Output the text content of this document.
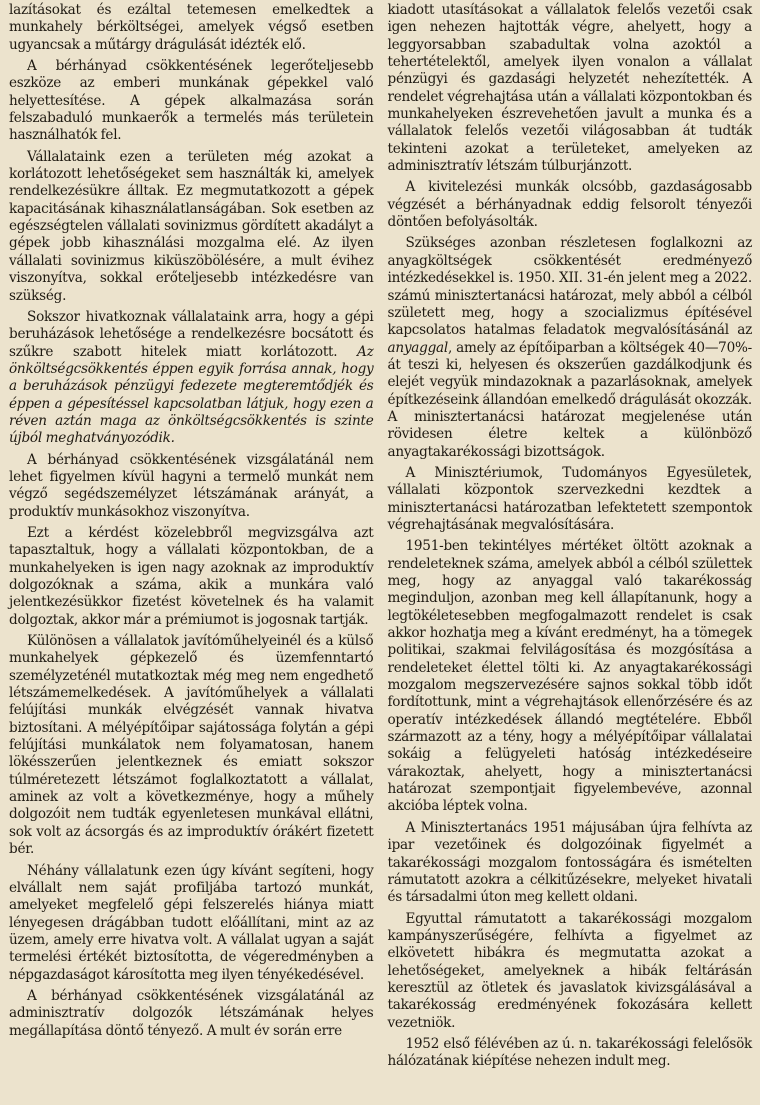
lazításokat és ezáltal tetemesen emelkedtek a munkahely bérköltségei, amelyek végső esetben ugyancsak a műtárgy drágulását idézték elő.

A bérhányad csökkentésének legerőteljesebb eszköze az emberi munkának gépekkel való helyettesítése. A gépek alkalmazása során felszabaduló munkaerők a termelés más területein használhatók fel.

Vállalataink ezen a területen még azokat a korlátozott lehetőségeket sem használták ki, amelyek rendelkezésükre álltak. Ez megmutatkozott a gépek kapacitásának kihasználatlanságában. Sok esetben az egészségtelen vállalati sovinizmus gördített akadályt a gépek jobb kihasználási mozgalma elé. Az ilyen vállalati sovinizmus kiküszöbölésére, a mult évihez viszonyítva, sokkal erőteljesebb intézkedésre van szükség.

Sokszor hivatkoznak vállalataink arra, hogy a gépi beruházások lehetősége a rendelkezésre bocsátott és szűkre szabott hitelek miatt korlátozott. Az önköltségcsökkentés éppen egyik forrása annak, hogy a beruházások pénzügyi fedezete megteremtődjék és éppen a gépesítéssel kapcsolatban látjuk, hogy ezen a réven aztán maga az önköltségcsökkentés is szinte újból meghatványozódik.

A bérhányad csökkentésének vizsgálatánál nem lehet figyelmen kívül hagyni a termelő munkát nem végző segédszemélyzet létszámának arányát, a produktív munkásokhoz viszonyítva.

Ezt a kérdést közelebbről megvizsgálva azt tapasztaltuk, hogy a vállalati központokban, de a munkahelyeken is igen nagy azoknak az improduktív dolgozóknak a száma, akik a munkára való jelentkezésükkor fizetést követelnek és ha valamit dolgoztak, akkor már a prémiumot is jogosnak tartják.

Különösen a vállalatok javítóműhelyeinél és a külső munkahelyek gépkezelő és üzemfenntartó személyzeténél mutatkoztak még meg nem engedhető létszámemelkedések. A javítóműhelyek a vállalati felújítási munkák elvégzését vannak hivatva biztosítani. A mélyépítőipar sajátossága folytán a gépi felújítási munkálatok nem folyamatosan, hanem lökésszerűen jelentkeznek és emiatt sokszor túlméretezett létszámot foglalkoztatott a vállalat, aminek az volt a következménye, hogy a műhely dolgozóit nem tudták egyenletesen munkával ellátni, sok volt az ácsorgás és az improduktív órákért fizetett bér.

Néhány vállalatunk ezen úgy kívánt segíteni, hogy elvállalt nem saját profiljába tartozó munkát, amelyeket megfelelő gépi felszerelés hiánya miatt lényegesen drágábban tudott előállítani, mint az az üzem, amely erre hivatva volt. A vállalat ugyan a saját termelési értékét biztosította, de végeredményben a népgazdaságot károsította meg ilyen tényékedésével.

A bérhányad csökkentésének vizsgálatánál az adminisztratív dolgozók létszámának helyes megállapítása döntő tényező. A mult év során erre

kiadott utasításokat a vállalatok felelős vezetői csak igen nehezen hajtották végre, ahelyett, hogy a leggyorsabban szabadultak volna azoktól a tehertételektől, amelyek ilyen vonalon a vállalat pénzügyi és gazdasági helyzetét nehezítették. A rendelet végrehajtása után a vállalati központokban és munkahelyeken észrevehetően javult a munka és a vállalatok felelős vezetői világosabban át tudták tekinteni azokat a területeket, amelyeken az adminisztratív létszám túlburjánzott.

A kivitelezési munkák olcsóbb, gazdaságosabb végzését a bérhányadnak eddig felsorolt tényezői döntően befolyásolták.

Szükséges azonban részletesen foglalkozni az anyagköltségek csökkentését eredményező intézkedésekkel is. 1950. XII. 31-én jelent meg a 2022. számú minisztertanácsi határozat, mely abból a célból született meg, hogy a szocializmus építésével kapcsolatos hatalmas feladatok megvalósításánál az anyaggal, amely az építőiparban a költségek 40—70%-át teszi ki, helyesen és okszerűen gazdálkodjunk és elejét vegyük mindazoknak a pazarlásoknak, amelyek építkezéseink állandóan emelkedő drágulását okozzák. A minisztertanácsi határozat megjelenése után rövidesen életre keltek a különböző anyagtakarékossági bizottságok.

A Minisztériumok, Tudományos Egyesületek, vállalati központok szervezkedni kezdtek a minisztertanácsi határozatban lefektetett szempontok végrehajtásának megvalósítására.

1951-ben tekintélyes mértéket öltött azoknak a rendeleteknek száma, amelyek abból a célból születtek meg, hogy az anyaggal való takarékosság meginduljon, azonban meg kell állapítanunk, hogy a legtökéletesebben megfogalmazott rendelet is csak akkor hozhatja meg a kívánt eredményt, ha a tömegek politikai, szakmai felvilágosítása és mozgósítása a rendeleteket élettel tölti ki. Az anyagtakarékossági mozgalom megszervezésére sajnos sokkal több időt fordítottunk, mint a végrehajtások ellenőrzésére és az operatív intézkedések állandó megtételére. Ebből származott az a tény, hogy a mélyépítőipar vállalatai sokáig a felügyeleti hatóság intézkedéseire várakoztak, ahelyett, hogy a minisztertanácsi határozat szempontjait figyelembevéve, azonnal akcióba léptek volna.

A Minisztertanács 1951 májusában újra felhívta az ipar vezetőinek és dolgozóinak figyelmét a takarékossági mozgalom fontosságára és ismételten rámutatott azokra a célkitűzésekre, melyeket hivatali és társadalmi úton meg kellett oldani.

Egyuttal rámutatott a takarékossági mozgalom kampányszerűségére, felhívta a figyelmet az elkövetett hibákra és megmutatta azokat a lehetőségeket, amelyeknek a hibák feltárásán keresztül az ötletek és javaslatok kivizsgálásával a takarékosság eredményének fokozására kellett vezetniök.

1952 első félévében az ú. n. takarékossági felelősök hálózatának kiépítése nehezen indult meg.
